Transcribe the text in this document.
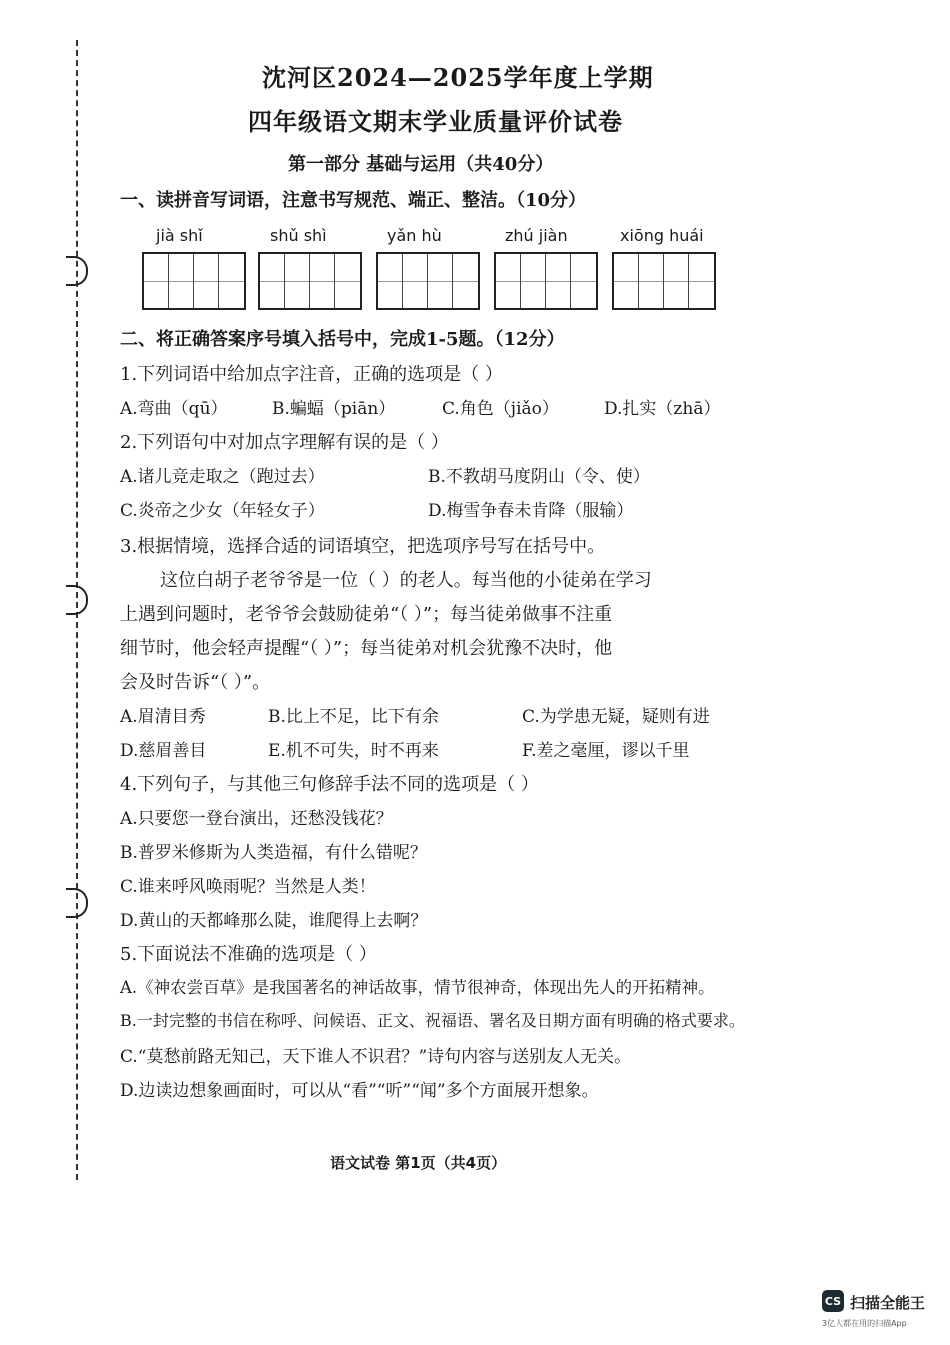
沈河区2024—2025学年度上学期
四年级语文期末学业质量评价试卷
第一部分 基础与运用（共40分）
一、读拼音写词语，注意书写规范、端正、整洁。（10分）
jià shǐ	shǔ shì	yǎn hù	zhú jiàn	xiōng huái
二、将正确答案序号填入括号中，完成1-5题。（12分）
1.下列词语中给加点字注音，正确的选项是（ ）
A.弯曲（qū）	B.蝙蝠（piān）	C.角色（jiǎo）	D.扎实（zhā）
2.下列语句中对加点字理解有误的是（ ）
A.诸儿竞走取之（跑过去）	B.不教胡马度阴山（令、使）
C.炎帝之少女（年轻女子）	D.梅雪争春未肯降（服输）
3.根据情境，选择合适的词语填空，把选项序号写在括号中。
这位白胡子老爷爷是一位（ ）的老人。每当他的小徒弟在学习
上遇到问题时，老爷爷会鼓励徒弟“（ ）”；每当徒弟做事不注重
细节时，他会轻声提醒“（ ）”；每当徒弟对机会犹豫不决时，他
会及时告诉“（ ）”。
A.眉清目秀	B.比上不足，比下有余	C.为学患无疑，疑则有进
D.慈眉善目	E.机不可失，时不再来	F.差之毫厘，谬以千里
4.下列句子，与其他三句修辞手法不同的选项是（ ）
A.只要您一登台演出，还愁没钱花？
B.普罗米修斯为人类造福，有什么错呢？
C.谁来呼风唤雨呢？当然是人类！
D.黄山的天都峰那么陡，谁爬得上去啊？
5.下面说法不准确的选项是（ ）
A.《神农尝百草》是我国著名的神话故事，情节很神奇，体现出先人的开拓精神。
B.一封完整的书信在称呼、问候语、正文、祝福语、署名及日期方面有明确的格式要求。
C.“莫愁前路无知己，天下谁人不识君？”诗句内容与送别友人无关。
D.边读边想象画面时，可以从“看”“听”“闻”多个方面展开想象。
语文试卷 第1页（共4页）
CS 扫描全能王
3亿人都在用的扫描App
